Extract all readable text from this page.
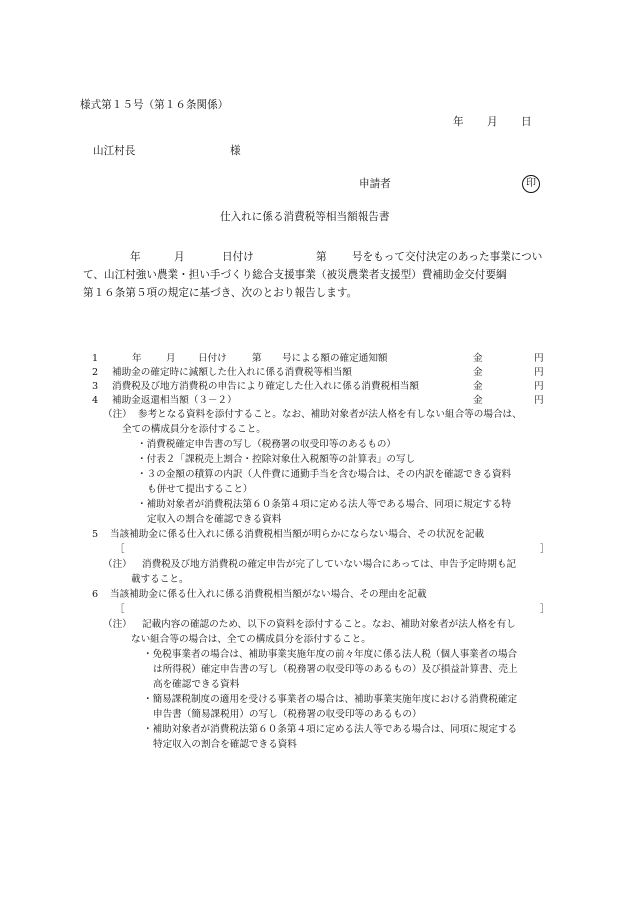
様式第１５号（第１６条関係）
年 月 日
山江村長	様
申請者	印
仕入れに係る消費税等相当額報告書
年	月	日付け	第 号をもって交付決定のあった事業につい
て、山江村強い農業・担い手づくり総合支援事業（被災農業者支援型）費補助金交付要綱
第１６条第５項の規定に基づき、次のとおり報告します。
1	年	月 日付け	第 号による額の確定通知額	金	円
2 補助金の確定時に減額した仕入れに係る消費税等相当額	金	円
3 消費税及び地方消費税の申告により確定した仕入れに係る消費税相当額	金	円
4 補助金返還相当額（３－２）	金	円
（注） 参考となる資料を添付すること。なお、補助対象者が法人格を有しない組合等の場合は、
全ての構成員分を添付すること。
・消費税確定申告書の写し（税務署の収受印等のあるもの）
・付表２「課税売上割合・控除対象仕入税額等の計算表」の写し
・３の金額の積算の内訳（人件費に通勤手当を含む場合は、その内訳を確認できる資料
も併せて提出すること）
・補助対象者が消費税法第６０条第４項に定める法人等である場合、同項に規定する特
定収入の割合を確認できる資料
5 当該補助金に係る仕入れに係る消費税相当額が明らかにならない場合、その状況を記載
［	］
（注） 消費税及び地方消費税の確定申告が完了していない場合にあっては、申告予定時期も記
載すること。
6 当該補助金に係る仕入れに係る消費税相当額がない場合、その理由を記載
［	］
（注） 記載内容の確認のため、以下の資料を添付すること。なお、補助対象者が法人格を有し
ない組合等の場合は、全ての構成員分を添付すること。
・免税事業者の場合は、補助事業実施年度の前々年度に係る法人税（個人事業者の場合
は所得税）確定申告書の写し（税務署の収受印等のあるもの）及び損益計算書、売上
高を確認できる資料
・簡易課税制度の適用を受ける事業者の場合は、補助事業実施年度における消費税確定
申告書（簡易課税用）の写し（税務署の収受印等のあるもの）
・補助対象者が消費税法第６０条第４項に定める法人等である場合は、同項に規定する
特定収入の割合を確認できる資料
